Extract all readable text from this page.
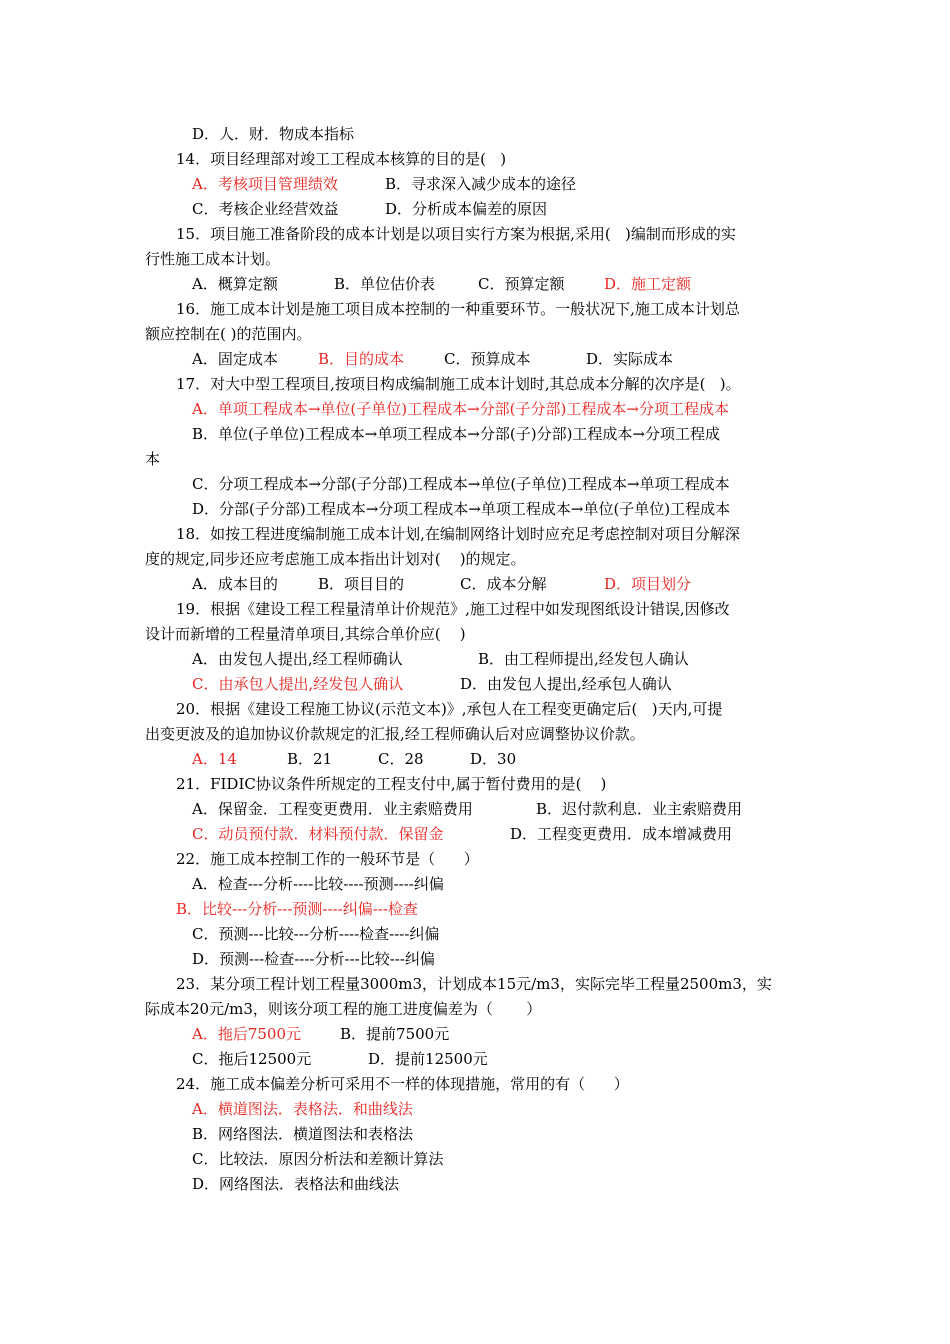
D．人．财．物成本指标
14．项目经理部对竣工工程成本核算的目的是(   )
A．考核项目管理绩效	B．寻求深入减少成本的途径
C．考核企业经营效益	D．分析成本偏差的原因
15．项目施工准备阶段的成本计划是以项目实行方案为根据,采用(   )编制而形成的实
行性施工成本计划。
A．概算定额	B．单位估价表	C．预算定额	D．施工定额
16．施工成本计划是施工项目成本控制的一种重要环节。一般状况下,施工成本计划总
额应控制在( )的范围内。
A．固定成本	B．目的成本	C．预算成本	D．实际成本
17．对大中型工程项目,按项目构成编制施工成本计划时,其总成本分解的次序是(   )。
A．单项工程成本→单位(子单位)工程成本→分部(子分部)工程成本→分项工程成本
B．单位(子单位)工程成本→单项工程成本→分部(子)分部)工程成本→分项工程成
本
C．分项工程成本→分部(子分部)工程成本→单位(子单位)工程成本→单项工程成本
D．分部(子分部)工程成本→分项工程成本→单项工程成本→单位(子单位)工程成本
18．如按工程进度编制施工成本计划,在编制网络计划时应充足考虑控制对项目分解深
度的规定,同步还应考虑施工成本指出计划对(    )的规定。
A．成本目的	B．项目目的	C．成本分解	D．项目划分
19．根据《建设工程工程量清单计价规范》,施工过程中如发现图纸设计错误,因修改
设计而新增的工程量清单项目,其综合单价应(    )
A．由发包人提出,经工程师确认	B．由工程师提出,经发包人确认
C．由承包人提出,经发包人确认	D．由发包人提出,经承包人确认
20．根据《建设工程施工协议(示范文本)》,承包人在工程变更确定后(   )天内,可提
出变更波及的追加协议价款规定的汇报,经工程师确认后对应调整协议价款。
A．14	B．21	C．28	D．30
21．FIDIC协议条件所规定的工程支付中,属于暂付费用的是(    )
A．保留金．工程变更费用．业主索赔费用	B．迟付款利息．业主索赔费用
C．动员预付款．材料预付款．保留金	D．工程变更费用．成本增减费用
22．施工成本控制工作的一般环节是（      ）
A．检查---分析----比较----预测----纠偏
B．比较---分析---预测----纠偏---检查
C．预测---比较---分析----检查----纠偏
D．预测---检查----分析---比较---纠偏
23．某分项工程计划工程量3000m3，计划成本15元/m3，实际完毕工程量2500m3，实
际成本20元/m3，则该分项工程的施工进度偏差为（       ）
A．拖后7500元	B．提前7500元
C．拖后12500元	D．提前12500元
24．施工成本偏差分析可采用不一样的体现措施，常用的有（      ）
A．横道图法．表格法．和曲线法
B．网络图法．横道图法和表格法
C．比较法．原因分析法和差额计算法
D．网络图法．表格法和曲线法
